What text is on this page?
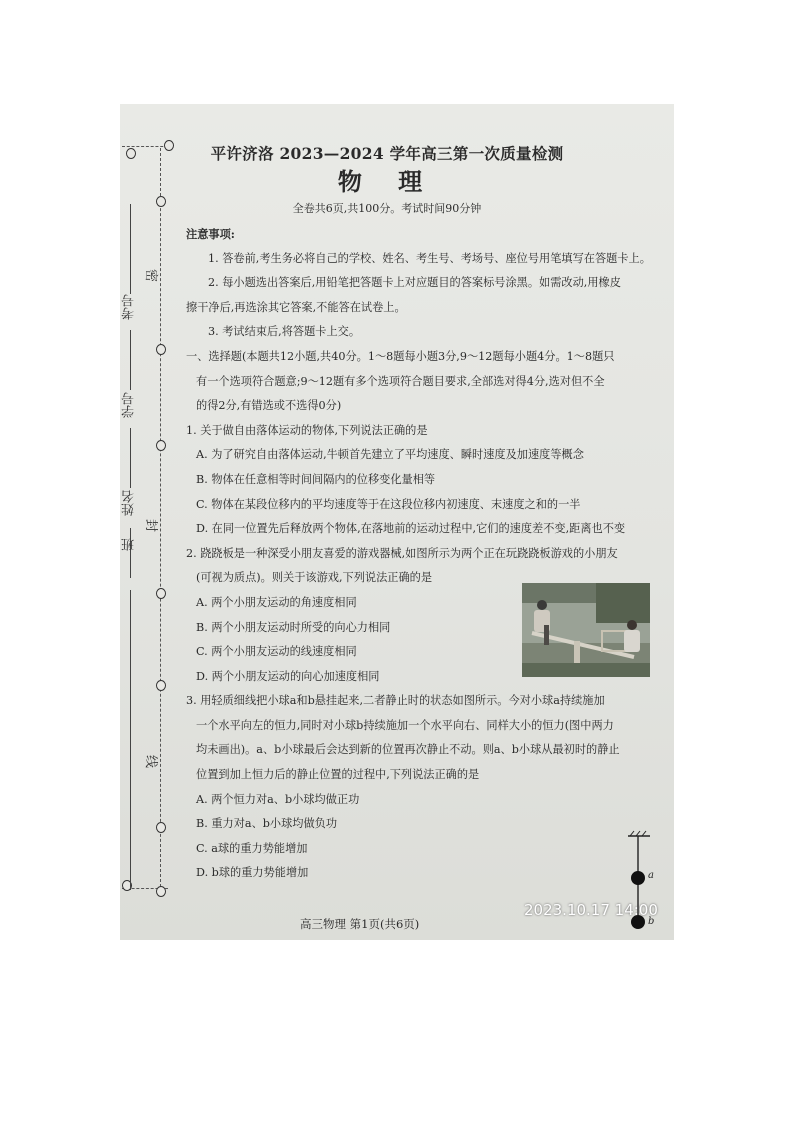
考号
学号
姓名
班
密
封
线
平许济洛 2023—2024 学年高三第一次质量检测
物 理
全卷共6页,共100分。考试时间90分钟
注意事项:
1. 答卷前,考生务必将自己的学校、姓名、考生号、考场号、座位号用笔填写在答题卡上。
2. 每小题选出答案后,用铅笔把答题卡上对应题目的答案标号涂黑。如需改动,用橡皮
擦干净后,再选涂其它答案,不能答在试卷上。
3. 考试结束后,将答题卡上交。
一、选择题(本题共12小题,共40分。1～8题每小题3分,9～12题每小题4分。1～8题只
有一个选项符合题意;9～12题有多个选项符合题目要求,全部选对得4分,选对但不全
的得2分,有错选或不选得0分)
1. 关于做自由落体运动的物体,下列说法正确的是
A. 为了研究自由落体运动,牛顿首先建立了平均速度、瞬时速度及加速度等概念
B. 物体在任意相等时间间隔内的位移变化量相等
C. 物体在某段位移内的平均速度等于在这段位移内初速度、末速度之和的一半
D. 在同一位置先后释放两个物体,在落地前的运动过程中,它们的速度差不变,距离也不变
2. 跷跷板是一种深受小朋友喜爱的游戏器械,如图所示为两个正在玩跷跷板游戏的小朋友
(可视为质点)。则关于该游戏,下列说法正确的是
A. 两个小朋友运动的角速度相同
B. 两个小朋友运动时所受的向心力相同
C. 两个小朋友运动的线速度相同
D. 两个小朋友运动的向心加速度相同
3. 用轻质细线把小球a和b悬挂起来,二者静止时的状态如图所示。今对小球a持续施加
一个水平向左的恒力,同时对小球b持续施加一个水平向右、同样大小的恒力(图中两力
均未画出)。a、b小球最后会达到新的位置再次静止不动。则a、b小球从最初时的静止
位置到加上恒力后的静止位置的过程中,下列说法正确的是
A. 两个恒力对a、b小球均做正功
B. 重力对a、b小球均做负功
C. a球的重力势能增加
D. b球的重力势能增加	a
b
高三物理 第1页(共6页)
2023.10.17 14:00
